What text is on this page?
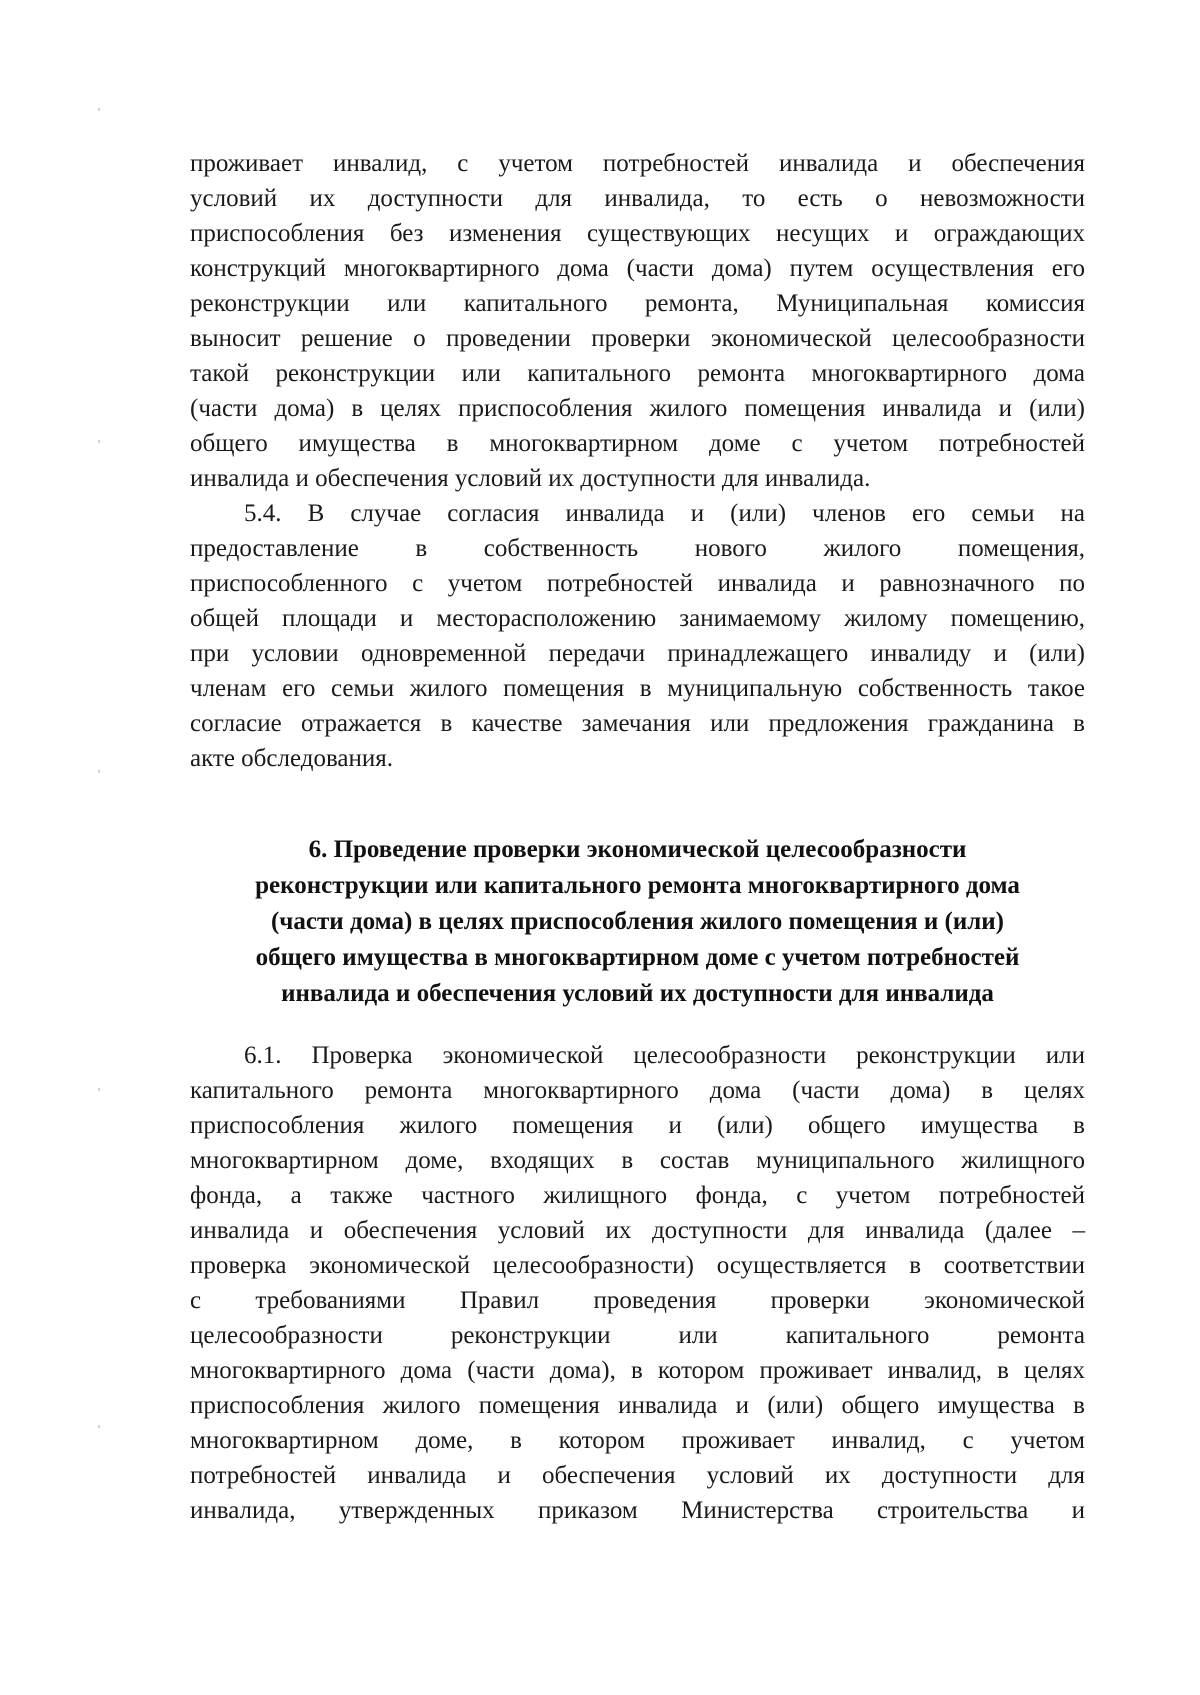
проживает инвалид, с учетом потребностей инвалида и обеспечения
условий их доступности для инвалида, то есть о невозможности
приспособления без изменения существующих несущих и ограждающих
конструкций многоквартирного дома (части дома) путем осуществления его
реконструкции или капитального ремонта, Муниципальная комиссия
выносит решение о проведении проверки экономической целесообразности
такой реконструкции или капитального ремонта многоквартирного дома
(части дома) в целях приспособления жилого помещения инвалида и (или)
общего имущества в многоквартирном доме с учетом потребностей
инвалида и обеспечения условий их доступности для инвалида.
5.4. В случае согласия инвалида и (или) членов его семьи на
предоставление в собственность нового жилого помещения,
приспособленного с учетом потребностей инвалида и равнозначного по
общей площади и месторасположению занимаемому жилому помещению,
при условии одновременной передачи принадлежащего инвалиду и (или)
членам его семьи жилого помещения в муниципальную собственность такое
согласие отражается в качестве замечания или предложения гражданина в
акте обследования.
6. Проведение проверки экономической целесообразности
реконструкции или капитального ремонта многоквартирного дома
(части дома) в целях приспособления жилого помещения и (или)
общего имущества в многоквартирном доме с учетом потребностей
инвалида и обеспечения условий их доступности для инвалида
6.1. Проверка экономической целесообразности реконструкции или
капитального ремонта многоквартирного дома (части дома) в целях
приспособления жилого помещения и (или) общего имущества в
многоквартирном доме, входящих в состав муниципального жилищного
фонда, а также частного жилищного фонда, с учетом потребностей
инвалида и обеспечения условий их доступности для инвалида (далее –
проверка экономической целесообразности) осуществляется в соответствии
с требованиями Правил проведения проверки экономической
целесообразности реконструкции или капитального ремонта
многоквартирного дома (части дома), в котором проживает инвалид, в целях
приспособления жилого помещения инвалида и (или) общего имущества в
многоквартирном доме, в котором проживает инвалид, с учетом
потребностей инвалида и обеспечения условий их доступности для
инвалида, утвержденных приказом Министерства строительства и
